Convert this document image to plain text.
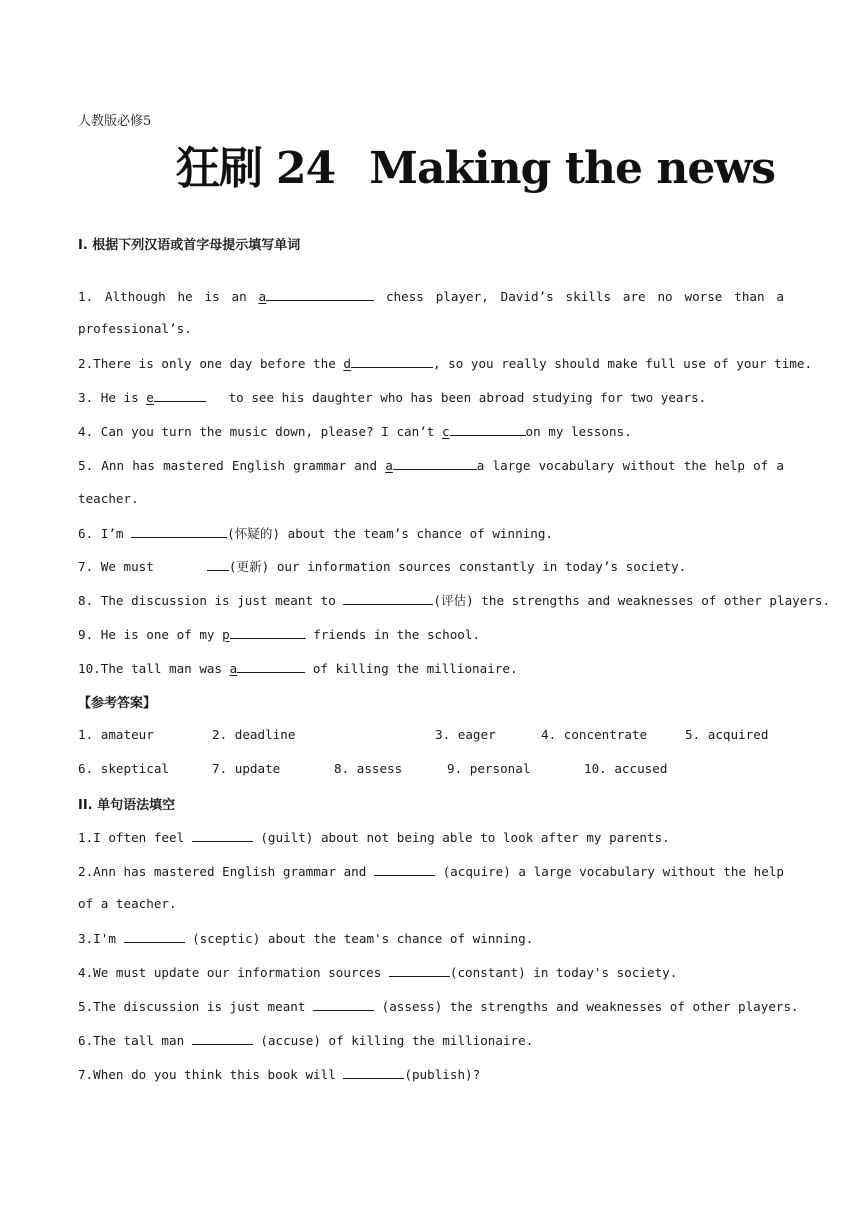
人教版必修5
狂刷 24 Making the news
I. 根据下列汉语或首字母提示填写单词
1. Although he is an a	chess player, David’s skills are no worse than a
professional’s.
2.There is only one day before the d	, so you really should make full use of your time.
3. He is e	to see his daughter who has been abroad studying for two years.
4. Can you turn the music down, please? I can’t c	on my lessons.
5. Ann has mastered English grammar and a	a large vocabulary without the help of a
teacher.
6. I’m	(怀疑的) about the team’s chance of winning.
7. We must       (更新) our information sources constantly in today’s society.
8. The discussion is just meant to	(评估) the strengths and weaknesses of other players.
9. He is one of my p	friends in the school.
10.The tall man was a	of killing the millionaire.
【参考答案】
1. amateur	2. deadline	3. eager	4. concentrate	5. acquired
6. skeptical	7. update	8. assess	9. personal	10. accused
II. 单句语法填空
1.I often feel	(guilt) about not being able to look after my parents.
2.Ann has mastered English grammar and	(acquire) a large vocabulary without the help
of a teacher.
3.I'm	(sceptic) about the team's chance of winning.
4.We must update our information sources	(constant) in today's society.
5.The discussion is just meant	(assess) the strengths and weaknesses of other players.
6.The tall man	(accuse) of killing the millionaire.
7.When do you think this book will	(publish)?
